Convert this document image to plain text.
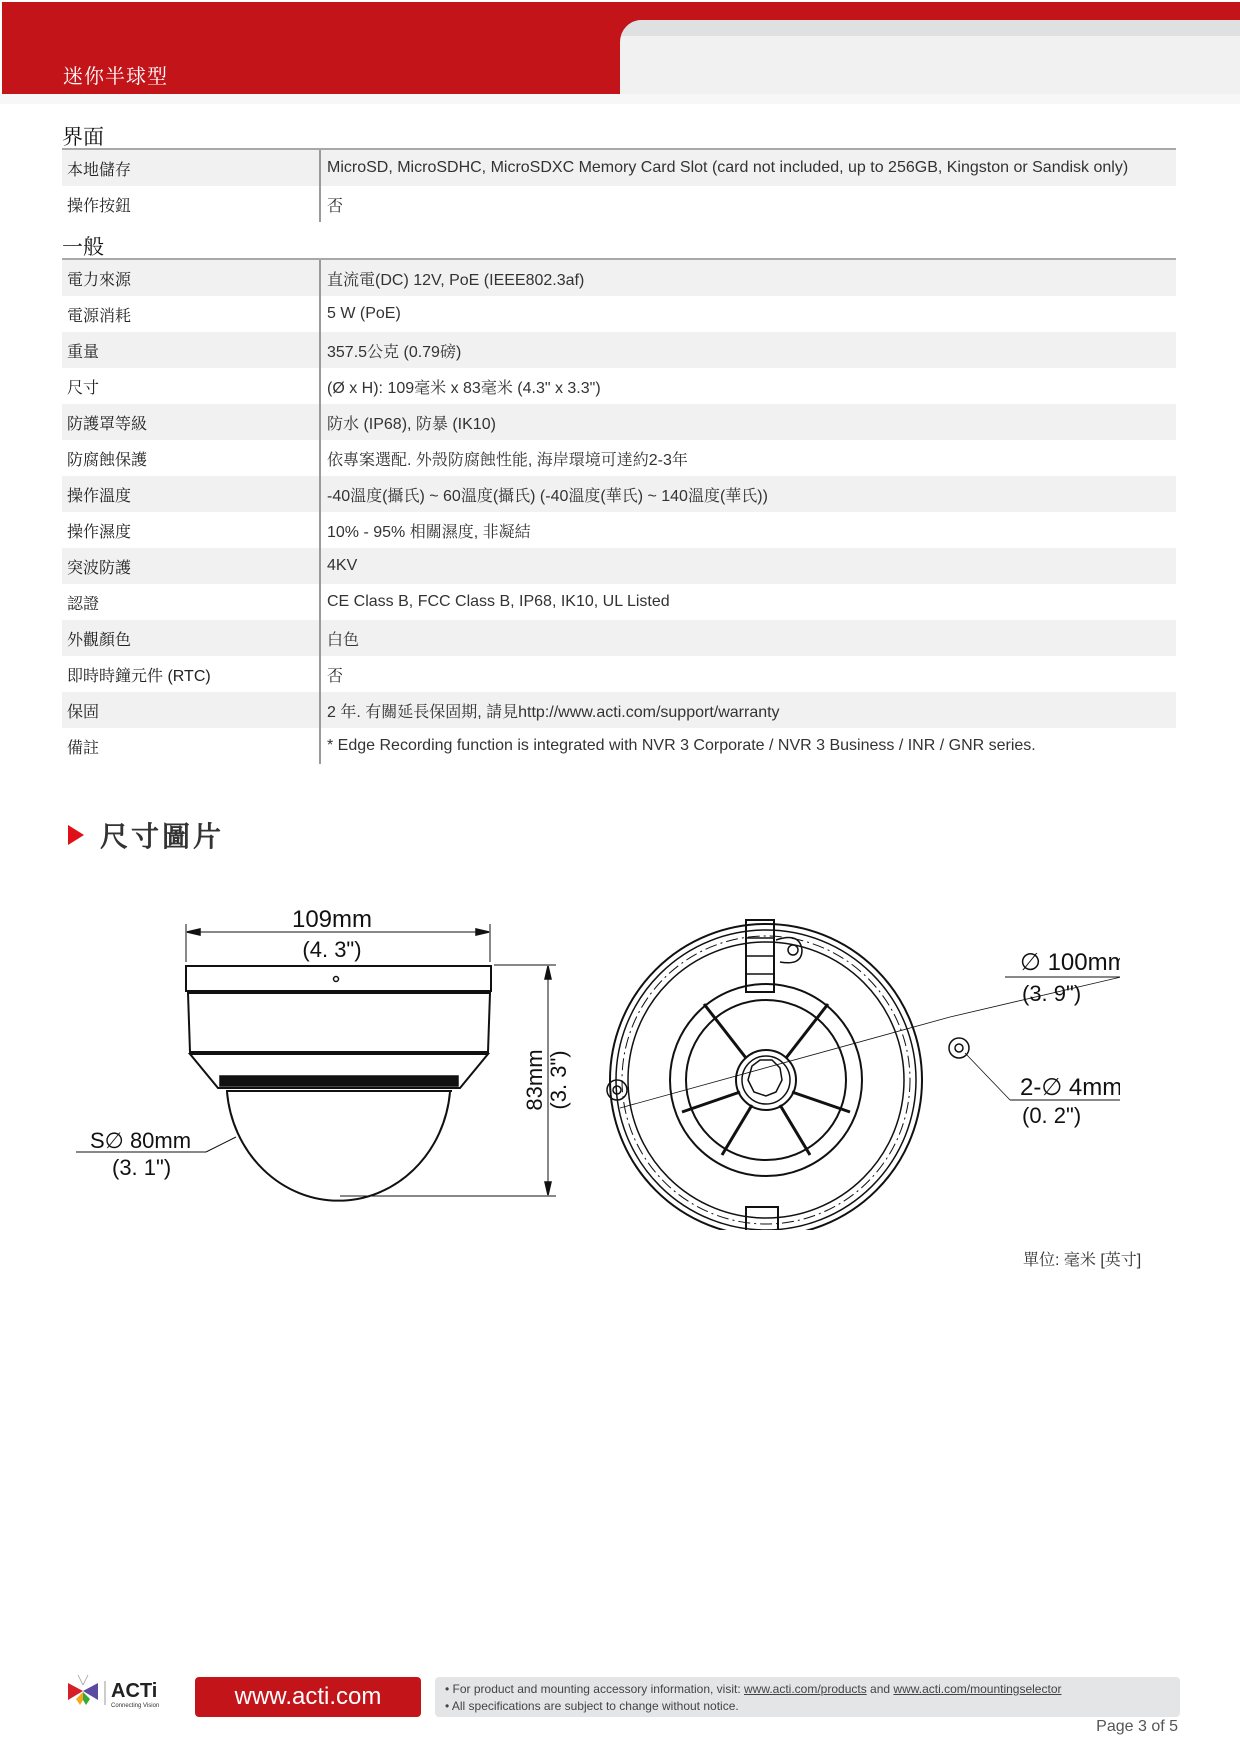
迷你半球型
界面
本地儲存	MicroSD, MicroSDHC, MicroSDXC Memory Card Slot (card not included, up to 256GB, Kingston or Sandisk only)
操作按鈕	否
一般
電力來源	直流電(DC) 12V, PoE (IEEE802.3af)
電源消耗	5 W (PoE)
重量	357.5公克 (0.79磅)
尺寸	(Ø x H): 109毫米 x 83毫米 (4.3" x 3.3")
防護罩等級	防水 (IP68), 防暴 (IK10)
防腐蝕保護	依專案選配. 外殼防腐蝕性能, 海岸環境可達約2-3年
操作溫度	-40溫度(攝氏) ~ 60溫度(攝氏) (-40溫度(華氏) ~ 140溫度(華氏))
操作濕度	10% - 95% 相關濕度, 非凝結
突波防護	4KV
認證	CE Class B, FCC Class B, IP68, IK10, UL Listed
外觀顏色	白色
即時時鐘元件 (RTC)	否
保固	2 年. 有關延長保固期, 請見http://www.acti.com/support/warranty
備註	* Edge Recording function is integrated with NVR 3 Corporate / NVR 3 Business / INR / GNR series.
尺寸圖片
109mm
(4. 3")
S∅ 80mm
(3. 1")
83mm (3. 3")
∅ 100mm
(3. 9")
2-∅ 4mm
(0. 2")
單位: 毫米 [英寸]
ACTi
Connecting Vision	www.acti.com	• For product and mounting accessory information, visit: www.acti.com/products and www.acti.com/mountingselector
• All specifications are subject to change without notice.
Page 3 of 5
